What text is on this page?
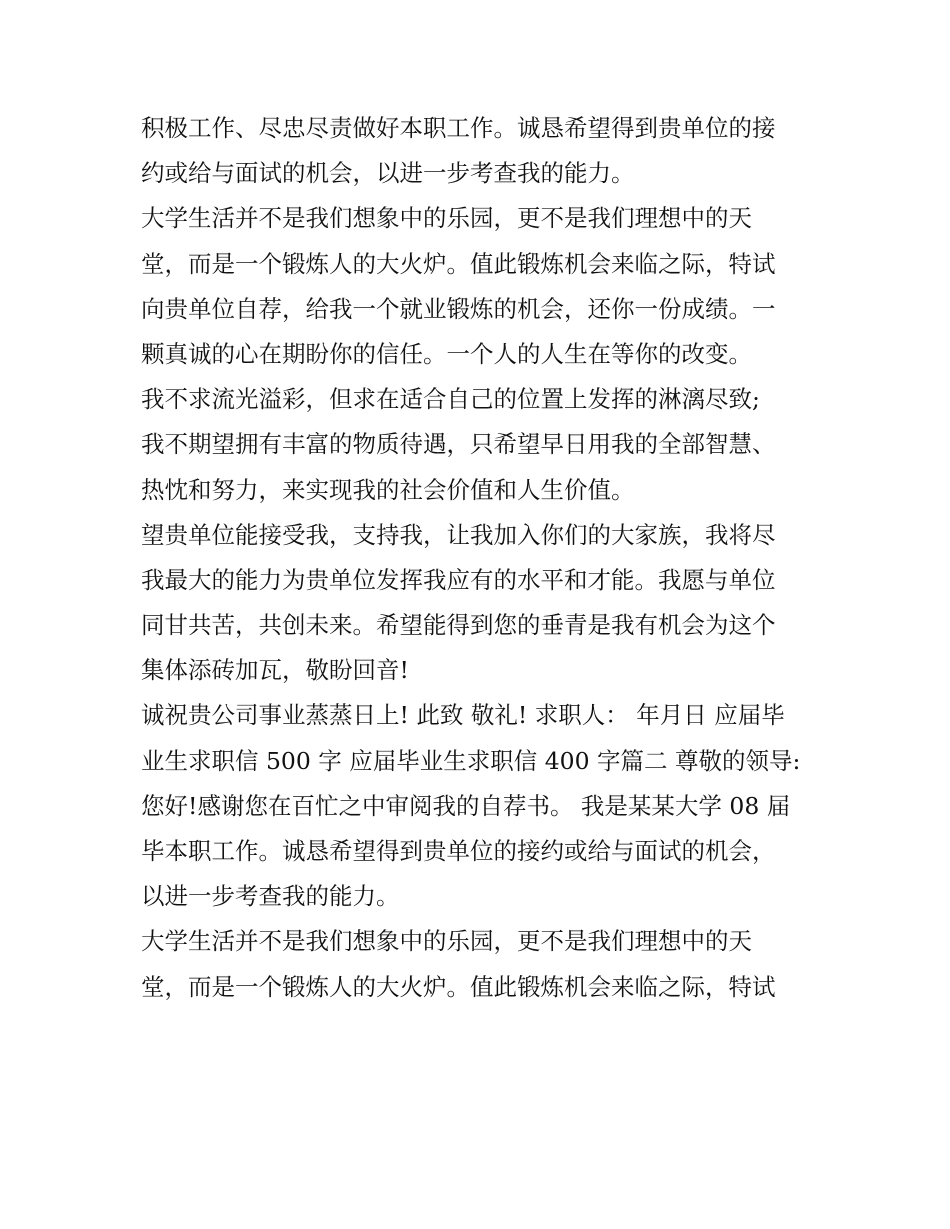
积极工作、尽忠尽责做好本职工作。诚恳希望得到贵单位的接
约或给与面试的机会，以进一步考查我的能力。
大学生活并不是我们想象中的乐园，更不是我们理想中的天
堂，而是一个锻炼人的大火炉。值此锻炼机会来临之际，特试
向贵单位自荐，给我一个就业锻炼的机会，还你一份成绩。一
颗真诚的心在期盼你的信任。一个人的人生在等你的改变。
我不求流光溢彩，但求在适合自己的位置上发挥的淋漓尽致;
我不期望拥有丰富的物质待遇，只希望早日用我的全部智慧、
热忱和努力，来实现我的社会价值和人生价值。
望贵单位能接受我，支持我，让我加入你们的大家族，我将尽
我最大的能力为贵单位发挥我应有的水平和才能。我愿与单位
同甘共苦，共创未来。希望能得到您的垂青是我有机会为这个
集体添砖加瓦，敬盼回音!
诚祝贵公司事业蒸蒸日上! 此致 敬礼! 求职人： 年月日 应届毕
业生求职信 500 字 应届毕业生求职信 400 字篇二 尊敬的领导:
您好!感谢您在百忙之中审阅我的自荐书。 我是某某大学 08 届
毕本职工作。诚恳希望得到贵单位的接约或给与面试的机会，
以进一步考查我的能力。
大学生活并不是我们想象中的乐园，更不是我们理想中的天
堂，而是一个锻炼人的大火炉。值此锻炼机会来临之际，特试
